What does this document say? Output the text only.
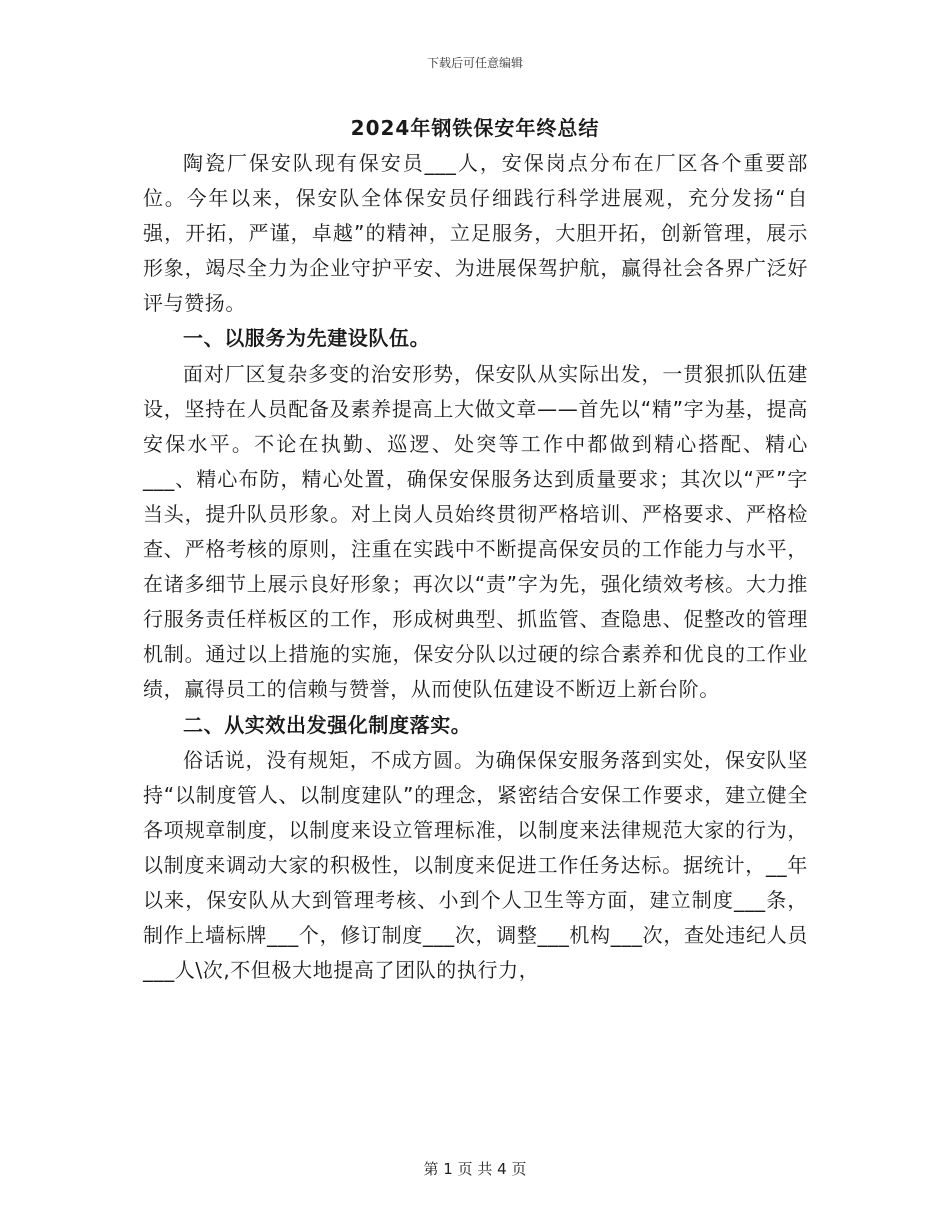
下载后可任意编辑
2024年钢铁保安年终总结

陶瓷厂保安队现有保安员___人，安保岗点分布在厂区各个重要部位。今年以来，保安队全体保安员仔细践行科学进展观，充分发扬“自强，开拓，严谨，卓越”的精神，立足服务，大胆开拓，创新管理，展示形象，竭尽全力为企业守护平安、为进展保驾护航，赢得社会各界广泛好评与赞扬。

一、以服务为先建设队伍。

面对厂区复杂多变的治安形势，保安队从实际出发，一贯狠抓队伍建设，坚持在人员配备及素养提高上大做文章——首先以“精”字为基，提高安保水平。不论在执勤、巡逻、处突等工作中都做到精心搭配、精心___、精心布防，精心处置，确保安保服务达到质量要求；其次以“严”字当头，提升队员形象。对上岗人员始终贯彻严格培训、严格要求、严格检查、严格考核的原则，注重在实践中不断提高保安员的工作能力与水平，在诸多细节上展示良好形象；再次以“责”字为先，强化绩效考核。大力推行服务责任样板区的工作，形成树典型、抓监管、查隐患、促整改的管理机制。通过以上措施的实施，保安分队以过硬的综合素养和优良的工作业绩，赢得员工的信赖与赞誉，从而使队伍建设不断迈上新台阶。

二、从实效出发强化制度落实。

俗话说，没有规矩，不成方圆。为确保保安服务落到实处，保安队坚持“以制度管人、以制度建队”的理念，紧密结合安保工作要求，建立健全各项规章制度，以制度来设立管理标准，以制度来法律规范大家的行为，以制度来调动大家的积极性，以制度来促进工作任务达标。据统计，__年以来，保安队从大到管理考核、小到个人卫生等方面，建立制度___条，制作上墙标牌___个，修订制度___次，调整___机构___次，查处违纪人员___人\次,不但极大地提高了团队的执行力，

第 1 页 共 4 页
